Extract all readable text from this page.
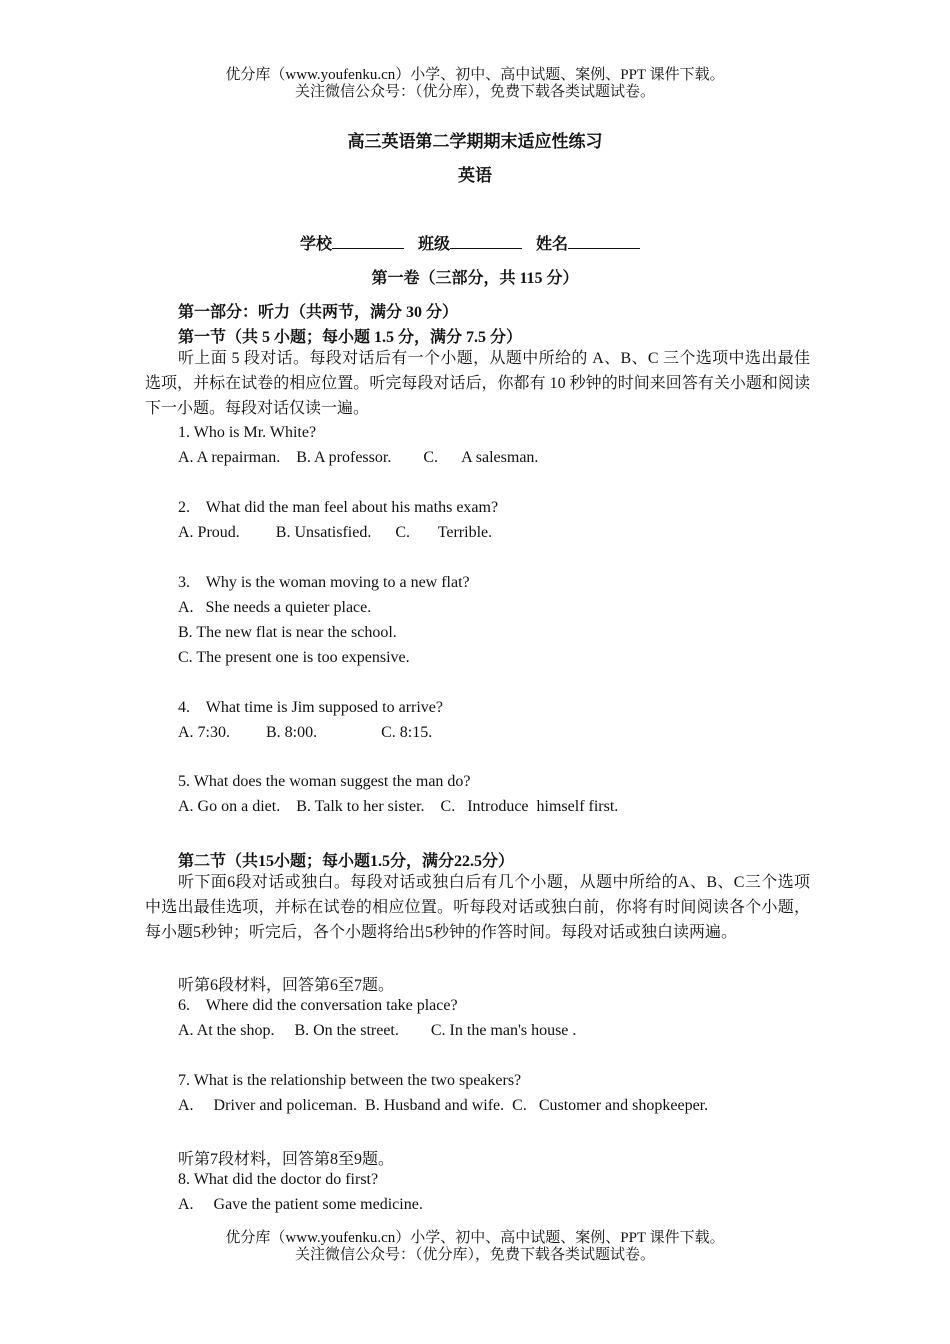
优分库（www.youfenku.cn）小学、初中、高中试题、案例、PPT 课件下载。
关注微信公众号：（优分库），免费下载各类试题试卷。
高三英语第二学期期末适应性练习
英语
学校	班级	姓名
第一卷（三部分，共 115 分）
第一部分：听力（共两节，满分 30 分）
第一节（共 5 小题；每小题 1.5 分，满分 7.5 分）
听上面 5 段对话。每段对话后有一个小题，从题中所给的 A、B、C 三个选项中选出最佳选项，并标在试卷的相应位置。听完每段对话后，你都有 10 秒钟的时间来回答有关小题和阅读下一小题。每段对话仅读一遍。
1. Who is Mr. White?
A. A repairman.    B. A professor.        C.      A salesman.
2.    What did the man feel about his maths exam?
A. Proud.         B. Unsatisfied.      C.       Terrible.
3.    Why is the woman moving to a new flat?
A.   She needs a quieter place.
B. The new flat is near the school.
C. The present one is too expensive.
4.    What time is Jim supposed to arrive?
A. 7:30.         B. 8:00.                C. 8:15.
5. What does the woman suggest the man do?
A. Go on a diet.    B. Talk to her sister.    C.   Introduce  himself first.
第二节（共15小题；每小题1.5分，满分22.5分）
听下面6段对话或独白。每段对话或独白后有几个小题，从题中所给的A、B、C三个选项中选出最佳选项，并标在试卷的相应位置。听每段对话或独白前，你将有时间阅读各个小题，每小题5秒钟；听完后，各个小题将给出5秒钟的作答时间。每段对话或独白读两遍。
听第6段材料，回答第6至7题。
6.    Where did the conversation take place?
A. At the shop.     B. On the street.        C. In the man's house .
7. What is the relationship between the two speakers?
A.     Driver and policeman.  B. Husband and wife.  C.   Customer and shopkeeper.
听第7段材料，回答第8至9题。
8. What did the doctor do first?
A.     Gave the patient some medicine.
优分库（www.youfenku.cn）小学、初中、高中试题、案例、PPT 课件下载。
关注微信公众号：（优分库），免费下载各类试题试卷。
